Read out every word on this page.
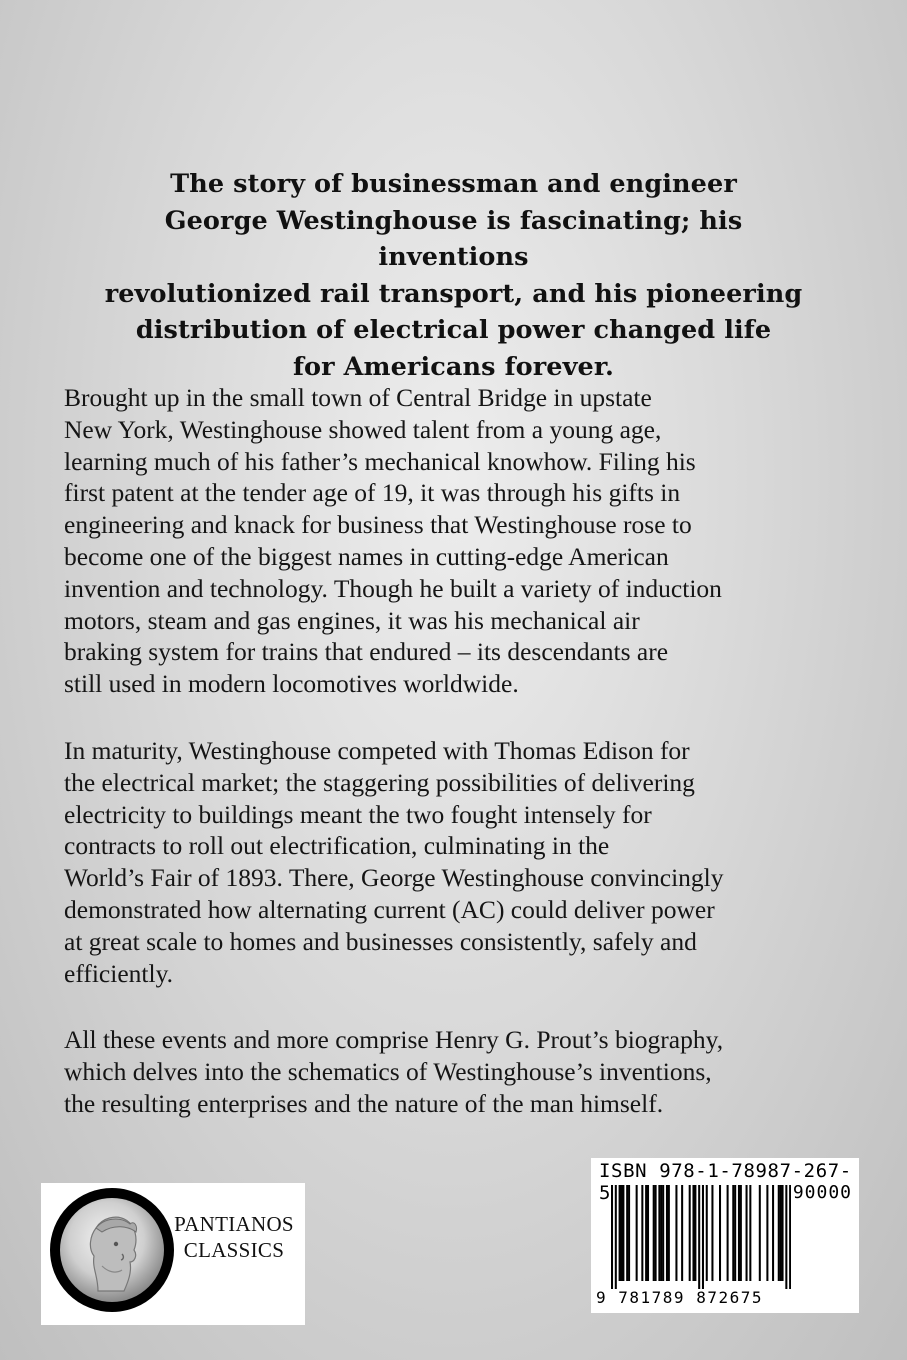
The story of businessman and engineer
George Westinghouse is fascinating; his inventions
revolutionized rail transport, and his pioneering
distribution of electrical power changed life
for Americans forever.

Brought up in the small town of Central Bridge in upstate
New York, Westinghouse showed talent from a young age,
learning much of his father’s mechanical knowhow. Filing his
first patent at the tender age of 19, it was through his gifts in
engineering and knack for business that Westinghouse rose to
become one of the biggest names in cutting-edge American
invention and technology. Though he built a variety of induction
motors, steam and gas engines, it was his mechanical air
braking system for trains that endured – its descendants are
still used in modern locomotives worldwide.

In maturity, Westinghouse competed with Thomas Edison for
the electrical market; the staggering possibilities of delivering
electricity to buildings meant the two fought intensely for
contracts to roll out electrification, culminating in the
World’s Fair of 1893. There, George Westinghouse convincingly
demonstrated how alternating current (AC) could deliver power
at great scale to homes and businesses consistently, safely and
efficiently.

All these events and more comprise Henry G. Prout’s biography,
which delves into the schematics of Westinghouse’s inventions,
the resulting enterprises and the nature of the man himself.

PANTIANOS
CLASSICS
ISBN 978-1-78987-267-5	90000
9 781789 872675
